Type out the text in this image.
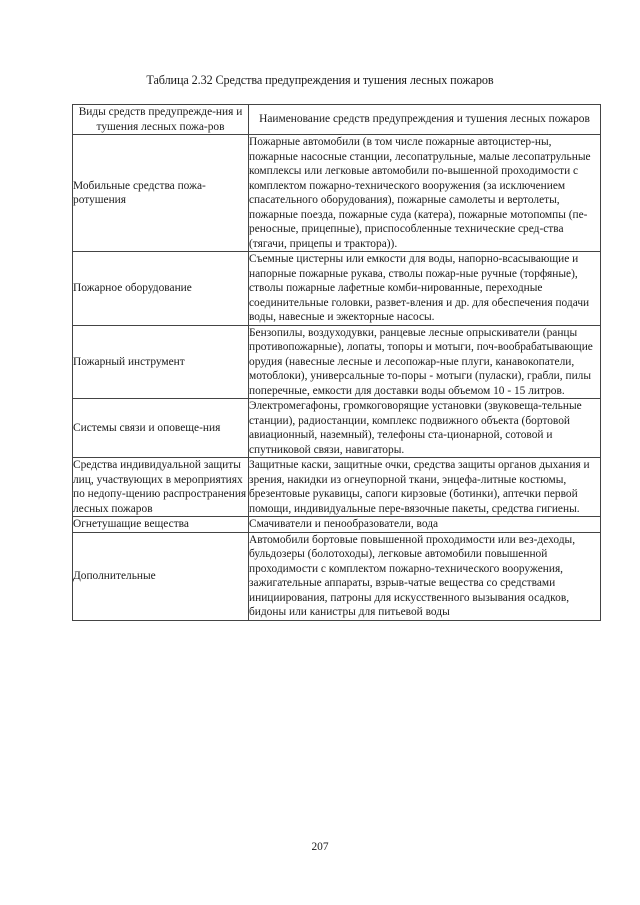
Таблица 2.32 Средства предупреждения и тушения лесных пожаров
Виды средств предупрежде-ния и тушения лесных пожа-ров	Наименование средств предупреждения и тушения лесных пожаров
Мобильные средства пожа-ротушения	Пожарные автомобили (в том числе пожарные автоцистер-ны, пожарные насосные станции, лесопатрульные, малые лесопатрульные комплексы или легковые автомобили по-вышенной проходимости с комплектом пожарно-технического вооружения (за исключением спасательного оборудования), пожарные самолеты и вертолеты, пожарные поезда, пожарные суда (катера), пожарные мотопомпы (пе-реносные, прицепные), приспособленные технические сред-ства (тягачи, прицепы и трактора)).
Пожарное оборудование	Съемные цистерны или емкости для воды, напорно-всасывающие и напорные пожарные рукава, стволы пожар-ные ручные (торфяные), стволы пожарные лафетные комби-нированные, переходные соединительные головки, развет-вления и др. для обеспечения подачи воды, навесные и эжекторные насосы.
Пожарный инструмент	Бензопилы, воздуходувки, ранцевые лесные опрыскиватели (ранцы противопожарные), лопаты, топоры и мотыги, поч-вообрабатывающие орудия (навесные лесные и лесопожар-ные плуги, канавокопатели, мотоблоки), универсальные то-поры - мотыги (пуласки), грабли, пилы поперечные, емкости для доставки воды объемом 10 - 15 литров.
Системы связи и оповеще-ния	Электромегафоны, громкоговорящие установки (звуковеща-тельные станции), радиостанции, комплекс подвижного объекта (бортовой авиационный, наземный), телефоны ста-ционарной, сотовой и спутниковой связи, навигаторы.
Средства индивидуальной защиты лиц, участвующих в мероприятиях по недопу-щению распространения лесных пожаров	Защитные каски, защитные очки, средства защиты органов дыхания и зрения, накидки из огнеупорной ткани, энцефа-литные костюмы, брезентовые рукавицы, сапоги кирзовые (ботинки), аптечки первой помощи, индивидуальные пере-вязочные пакеты, средства гигиены.
Огнетушащие вещества	Смачиватели и пенообразователи, вода
Дополнительные	Автомобили бортовые повышенной проходимости или вез-деходы, бульдозеры (болотоходы), легковые автомобили повышенной проходимости с комплектом пожарно-технического вооружения, зажигательные аппараты, взрыв-чатые вещества со средствами инициирования, патроны для искусственного вызывания осадков, бидоны или канистры для питьевой воды
207
